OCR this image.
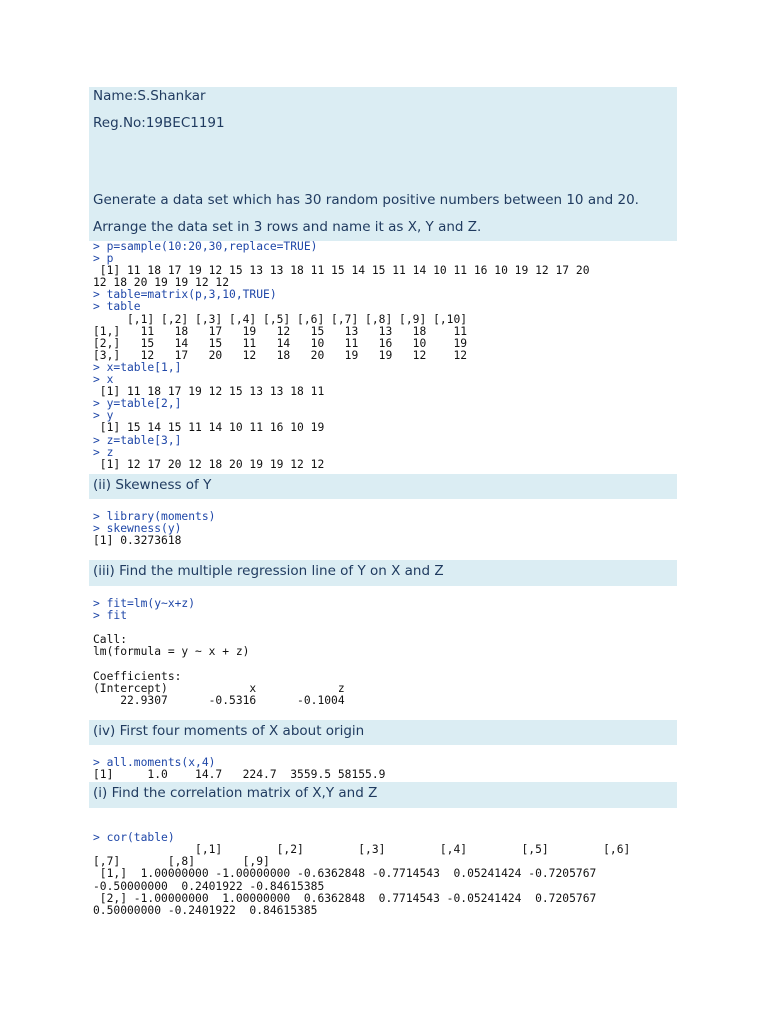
Name:S.Shankar
Reg.No:19BEC1191
Generate a data set which has 30 random positive numbers between 10 and 20.
Arrange the data set in 3 rows and name it as X, Y and Z.
> p=sample(10:20,30,replace=TRUE)
> p
[1] 11 18 17 19 12 15 13 13 18 11 15 14 15 11 14 10 11 16 10 19 12 17 20
12 18 20 19 19 12 12
> table=matrix(p,3,10,TRUE)
> table
[,1] [,2] [,3] [,4] [,5] [,6] [,7] [,8] [,9] [,10]
[1,]   11   18   17   19   12   15   13   13   18    11
[2,]   15   14   15   11   14   10   11   16   10    19
[3,]   12   17   20   12   18   20   19   19   12    12
> x=table[1,]
> x
[1] 11 18 17 19 12 15 13 13 18 11
> y=table[2,]
> y
[1] 15 14 15 11 14 10 11 16 10 19
> z=table[3,]
> z
[1] 12 17 20 12 18 20 19 19 12 12
(ii) Skewness of Y
> library(moments)
> skewness(y)
[1] 0.3273618
(iii) Find the multiple regression line of Y on X and Z
> fit=lm(y~x+z)
> fit
Call:
lm(formula = y ~ x + z)
Coefficients:
(Intercept)            x            z
22.9307      -0.5316      -0.1004
(iv) First four moments of X about origin
> all.moments(x,4)
[1]     1.0    14.7   224.7  3559.5 58155.9
(i) Find the correlation matrix of X,Y and Z
> cor(table)
[,1]        [,2]        [,3]        [,4]        [,5]        [,6]
[,7]       [,8]       [,9]
[1,]  1.00000000 -1.00000000 -0.6362848 -0.7714543  0.05241424 -0.7205767
-0.50000000  0.2401922 -0.84615385
[2,] -1.00000000  1.00000000  0.6362848  0.7714543 -0.05241424  0.7205767
0.50000000 -0.2401922  0.84615385
